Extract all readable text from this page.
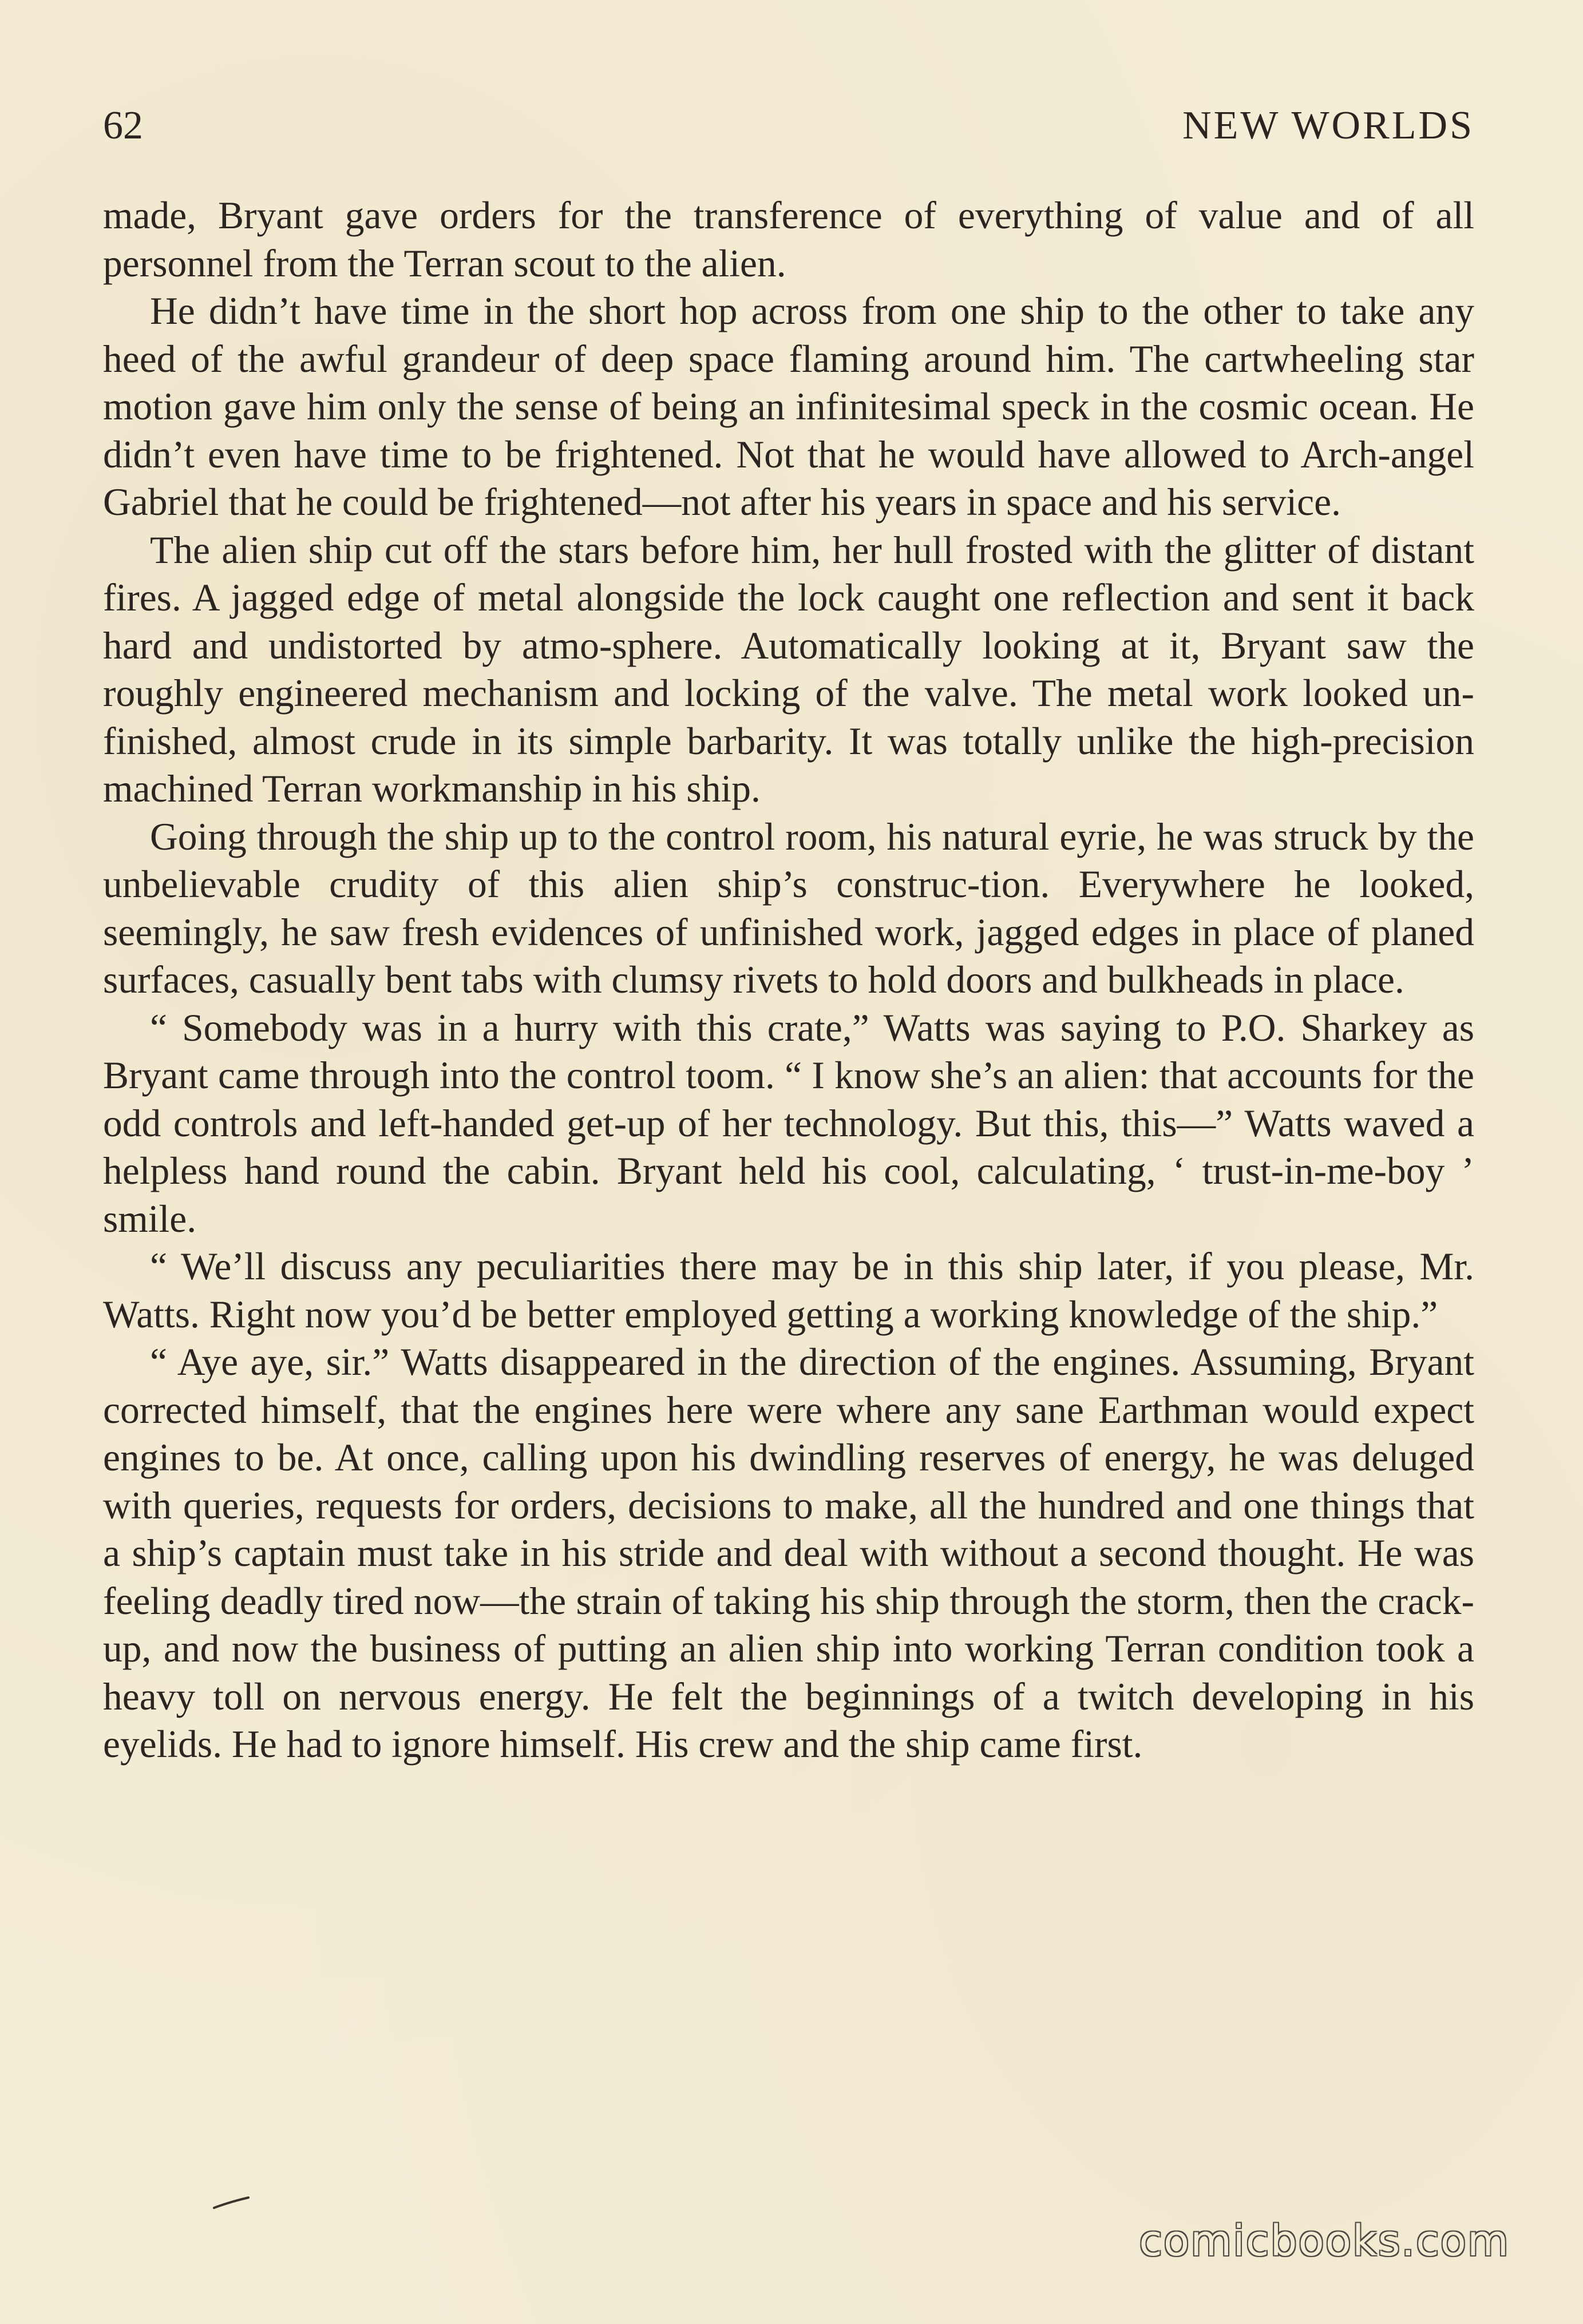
62	NEW WORLDS

made, Bryant gave orders for the transference of everything of value and of all personnel from the Terran scout to the alien.

He didn’t have time in the short hop across from one ship to the other to take any heed of the awful grandeur of deep space flaming around him. The cartwheeling star motion gave him only the sense of being an infinitesimal speck in the cosmic ocean. He didn’t even have time to be frightened. Not that he would have allowed to Arch-angel Gabriel that he could be frightened—not after his years in space and his service.

The alien ship cut off the stars before him, her hull frosted with the glitter of distant fires. A jagged edge of metal alongside the lock caught one reflection and sent it back hard and undistorted by atmo-sphere. Automatically looking at it, Bryant saw the roughly engineered mechanism and locking of the valve. The metal work looked un-finished, almost crude in its simple barbarity. It was totally unlike the high-precision machined Terran workmanship in his ship.

Going through the ship up to the control room, his natural eyrie, he was struck by the unbelievable crudity of this alien ship’s construc-tion. Everywhere he looked, seemingly, he saw fresh evidences of unfinished work, jagged edges in place of planed surfaces, casually bent tabs with clumsy rivets to hold doors and bulkheads in place.

“ Somebody was in a hurry with this crate,” Watts was saying to P.O. Sharkey as Bryant came through into the control toom. “ I know she’s an alien: that accounts for the odd controls and left-handed get-up of her technology. But this, this—” Watts waved a helpless hand round the cabin. Bryant held his cool, calculating, ‘ trust-in-me-boy ’ smile.

“ We’ll discuss any peculiarities there may be in this ship later, if you please, Mr. Watts. Right now you’d be better employed getting a working knowledge of the ship.”

“ Aye aye, sir.” Watts disappeared in the direction of the engines. Assuming, Bryant corrected himself, that the engines here were where any sane Earthman would expect engines to be. At once, calling upon his dwindling reserves of energy, he was deluged with queries, requests for orders, decisions to make, all the hundred and one things that a ship’s captain must take in his stride and deal with without a second thought. He was feeling deadly tired now—the strain of taking his ship through the storm, then the crack-up, and now the business of putting an alien ship into working Terran condition took a heavy toll on nervous energy. He felt the beginnings of a twitch developing in his eyelids. He had to ignore himself. His crew and the ship came first.

comicbooks.com
